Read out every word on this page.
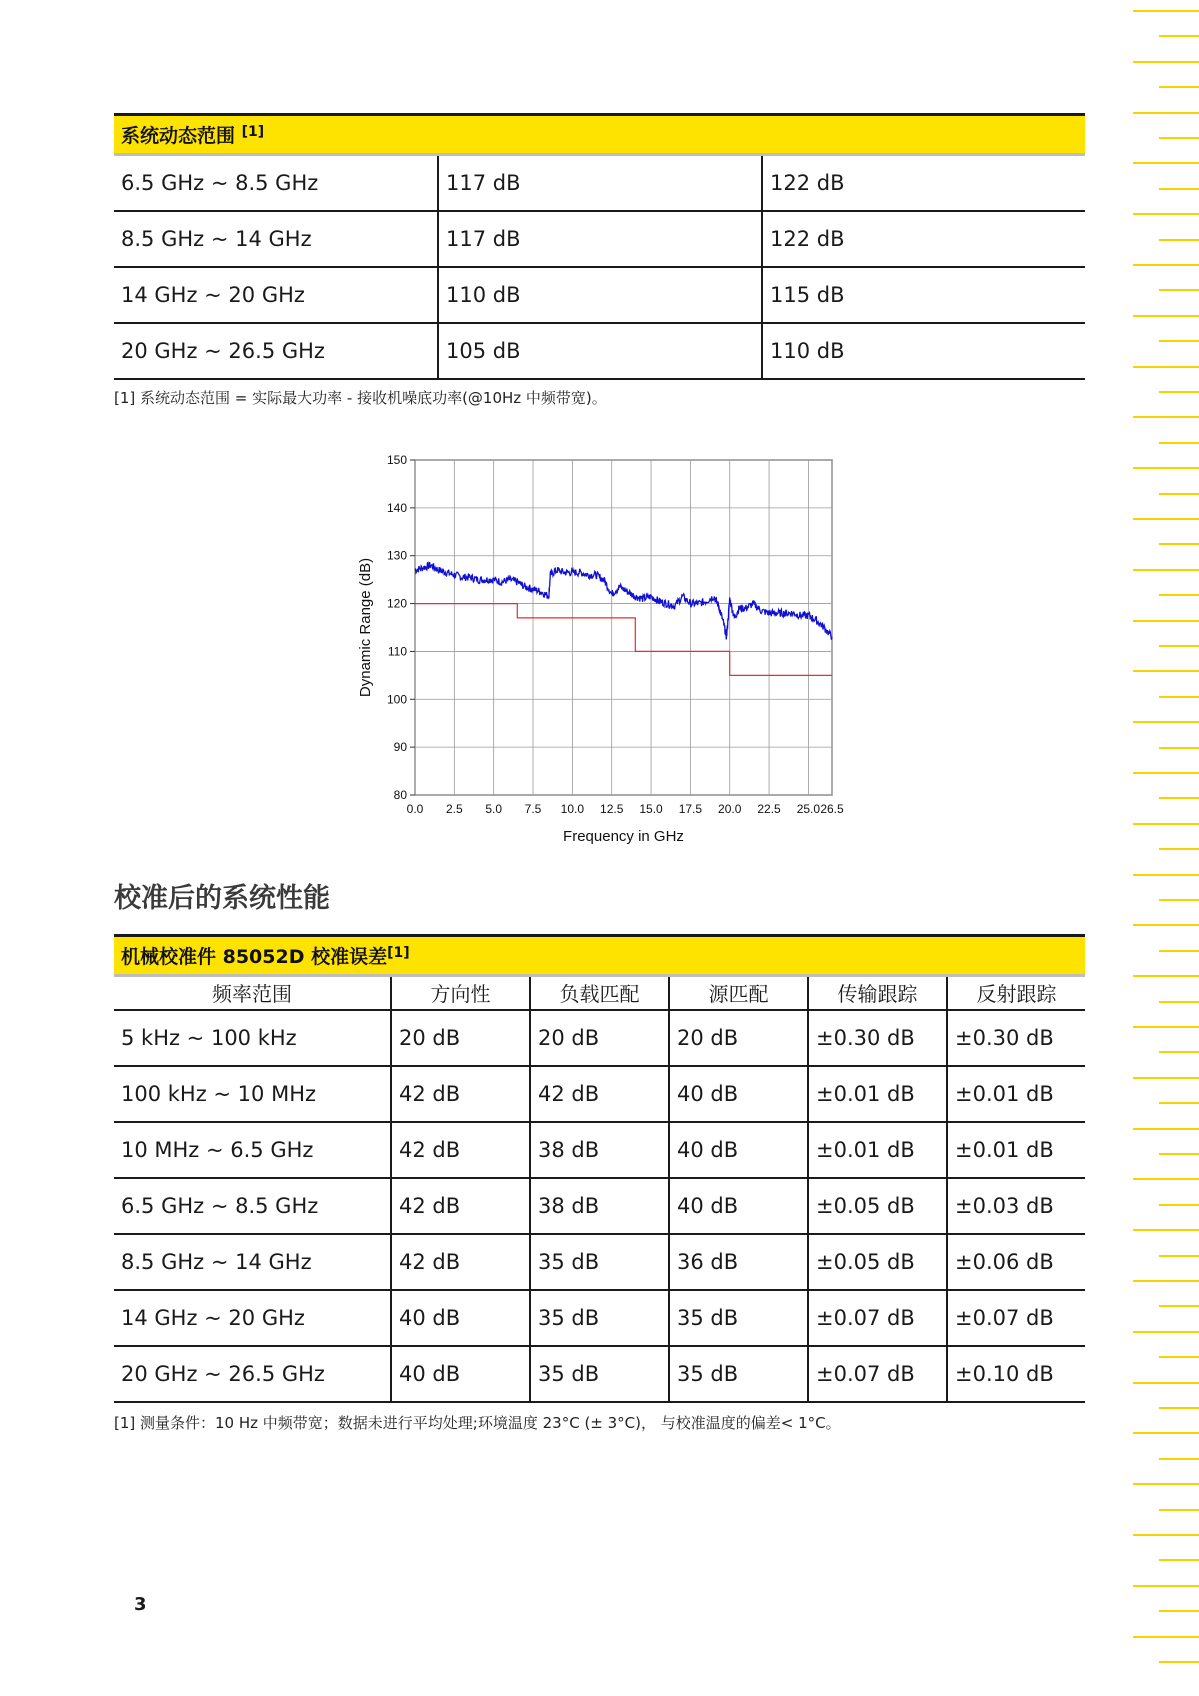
系统动态范围 [1]
6.5 GHz ~ 8.5 GHz	117 dB	122 dB
8.5 GHz ~ 14 GHz	117 dB	122 dB
14 GHz ~ 20 GHz	110 dB	115 dB
20 GHz ~ 26.5 GHz	105 dB	110 dB
[1] 系统动态范围 = 实际最大功率 - 接收机噪底功率(@10Hz 中频带宽)。
0.0 2.5 5.0 7.5 10.0 12.5 15.0 17.5 20.0 22.5 25.0 26.5
80
90
100
110
120
130
140
150
Frequency in GHz
Dynamic Range (dB)
校准后的系统性能
机械校准件 85052D 校准误差[1]
频率范围	方向性	负载匹配	源匹配	传输跟踪	反射跟踪
5 kHz ~ 100 kHz	20 dB	20 dB	20 dB	±0.30 dB	±0.30 dB
100 kHz ~ 10 MHz	42 dB	42 dB	40 dB	±0.01 dB	±0.01 dB
10 MHz ~ 6.5 GHz	42 dB	38 dB	40 dB	±0.01 dB	±0.01 dB
6.5 GHz ~ 8.5 GHz	42 dB	38 dB	40 dB	±0.05 dB	±0.03 dB
8.5 GHz ~ 14 GHz	42 dB	35 dB	36 dB	±0.05 dB	±0.06 dB
14 GHz ~ 20 GHz	40 dB	35 dB	35 dB	±0.07 dB	±0.07 dB
20 GHz ~ 26.5 GHz	40 dB	35 dB	35 dB	±0.07 dB	±0.10 dB
[1] 测量条件：10 Hz 中频带宽；数据未进行平均处理;环境温度 23°C (± 3°C)， 与校准温度的偏差< 1°C。
3
